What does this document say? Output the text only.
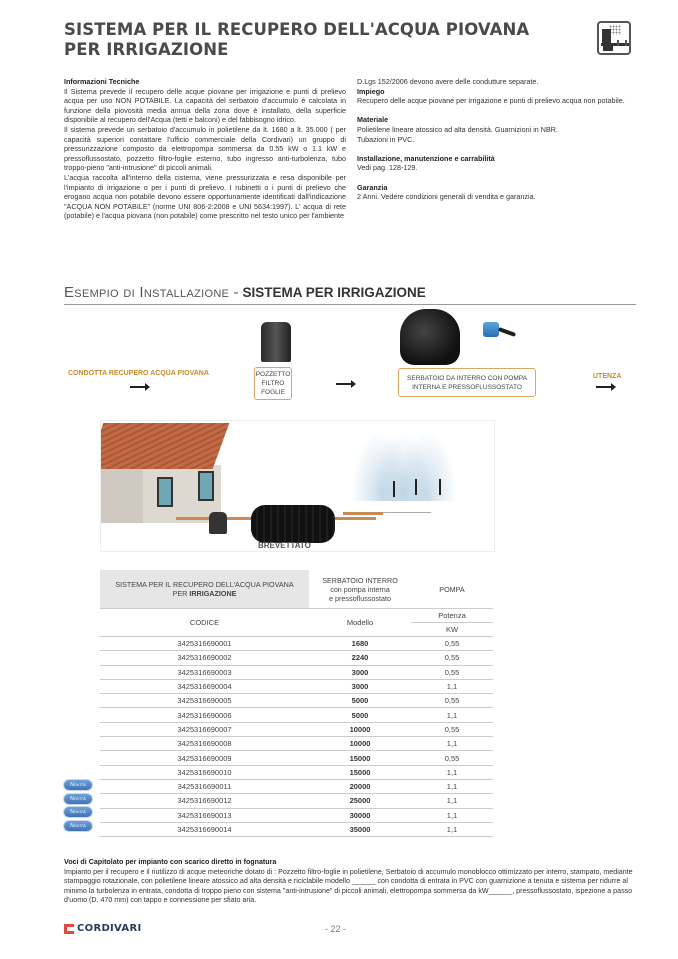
SISTEMA PER IL RECUPERO DELL'ACQUA PIOVANA PER IRRIGAZIONE

Informazioni Tecniche

Il Sistema prevede il recupero delle acque piovane per irrigazione e punti di prelievo acqua per uso NON POTABILE. La capacità del serbatoio d'accumulo è calcolata in funzione della piovosità media annua della zona dove è installato, della superficie disponibile al recupero dell'Acqua (tetti e balconi) e del fabbisogno idrico.

Il sistema prevede un serbatoio d'accumulo in polietilene da lt. 1680 a lt. 35.000 ( per capacità superiori contattare l'ufficio commerciale della Cordivari) un gruppo di pressurizzazione composto da elettropompa sommersa da 0.55 kW o 1.1 kW e pressoflussostato, pozzetto filtro-foglie esterno, tubo ingresso anti-turbolenza, tubo troppo-pieno "anti-intrusione" di piccoli animali.

L'acqua raccolta all'interno della cisterna, viene pressurizzata e resa disponibile per l'impianto di irrigazione o per i punti di prelievo. I rubinetti o i punti di prelievo che erogano acqua non potabile devono essere opportunamente identificati dall'indicazione "ACQUA NON POTABILE" (norme UNI 806-2:2008 e UNI 5634:1997). L' acqua di rete (potabile) e l'acqua piovana (non potabile) come prescritto nel testo unico per l'ambiente

D.Lgs 152/2006 devono avere delle condutture separate.

Impiego

Recupero delle acque piovane per irrigazione e punti di prelievo acqua non potabile.

Materiale

Polietilene lineare atossico ad alta densità. Guarnizioni in NBR.

Tubazioni in PVC.

Installazione, manutenzione e carrabilità

Vedi pag. 128-129.

Garanzia

2 Anni. Vedere condizioni generali di vendita e garanzia.

Esempio di Installazione - SISTEMA PER IRRIGAZIONE
CONDOTTA RECUPERO ACQUA PIOVANA	POZZETTO FILTRO FOGLIE
SERBATOIO DA INTERRO CON POMPA INTERNA E PRESSOFLUSSOSTATO
UTENZA
BREVETTATO
SISTEMA PER IL RECUPERO DELL'ACQUA PIOVANA
PER IRRIGAZIONE	SERBATOIO INTERRO
con pompa interna
e pressoflussostato	POMPA
CODICE	Modello	Potenza
		KW
3425316690001	1680	0,55
3425316690002	2240	0,55
3425316690003	3000	0,55
3425316690004	3000	1,1
3425316690005	5000	0,55
3425316690006	5000	1,1
3425316690007	10000	0,55
3425316690008	10000	1,1
3425316690009	15000	0,55
3425316690010	15000	1,1
3425316690011	20000	1,1
3425316690012	25000	1,1
3425316690013	30000	1,1
3425316690014	35000	1,1
Novità
Novità
Novità
Novità
Voci di Capitolato per impianto con scarico diretto in fognatura
Impianto per il recupero e il riutilizzo di acque meteoriche dotato di : Pozzetto filtro-foglie in polietilene, Serbatoio di accumulo monoblocco ottimizzato per interro, stampato, mediante stampaggio rotazionale, con polietilene lineare atossico ad alta densità e riciclabile modello ______ con condotta di entrata in PVC con guarnizione a tenuta e sistema per ridurre al minimo la turbolenza in entrata, condotta di troppo pieno con sistema "anti-intrusione" di piccoli animali, elettropompa sommersa da kW______, pressoflussostato, ispezione a passo d'uomo (D. 470 mm) con tappo e connessione per sfiato aria.
CORDIVARI	- 22 -
